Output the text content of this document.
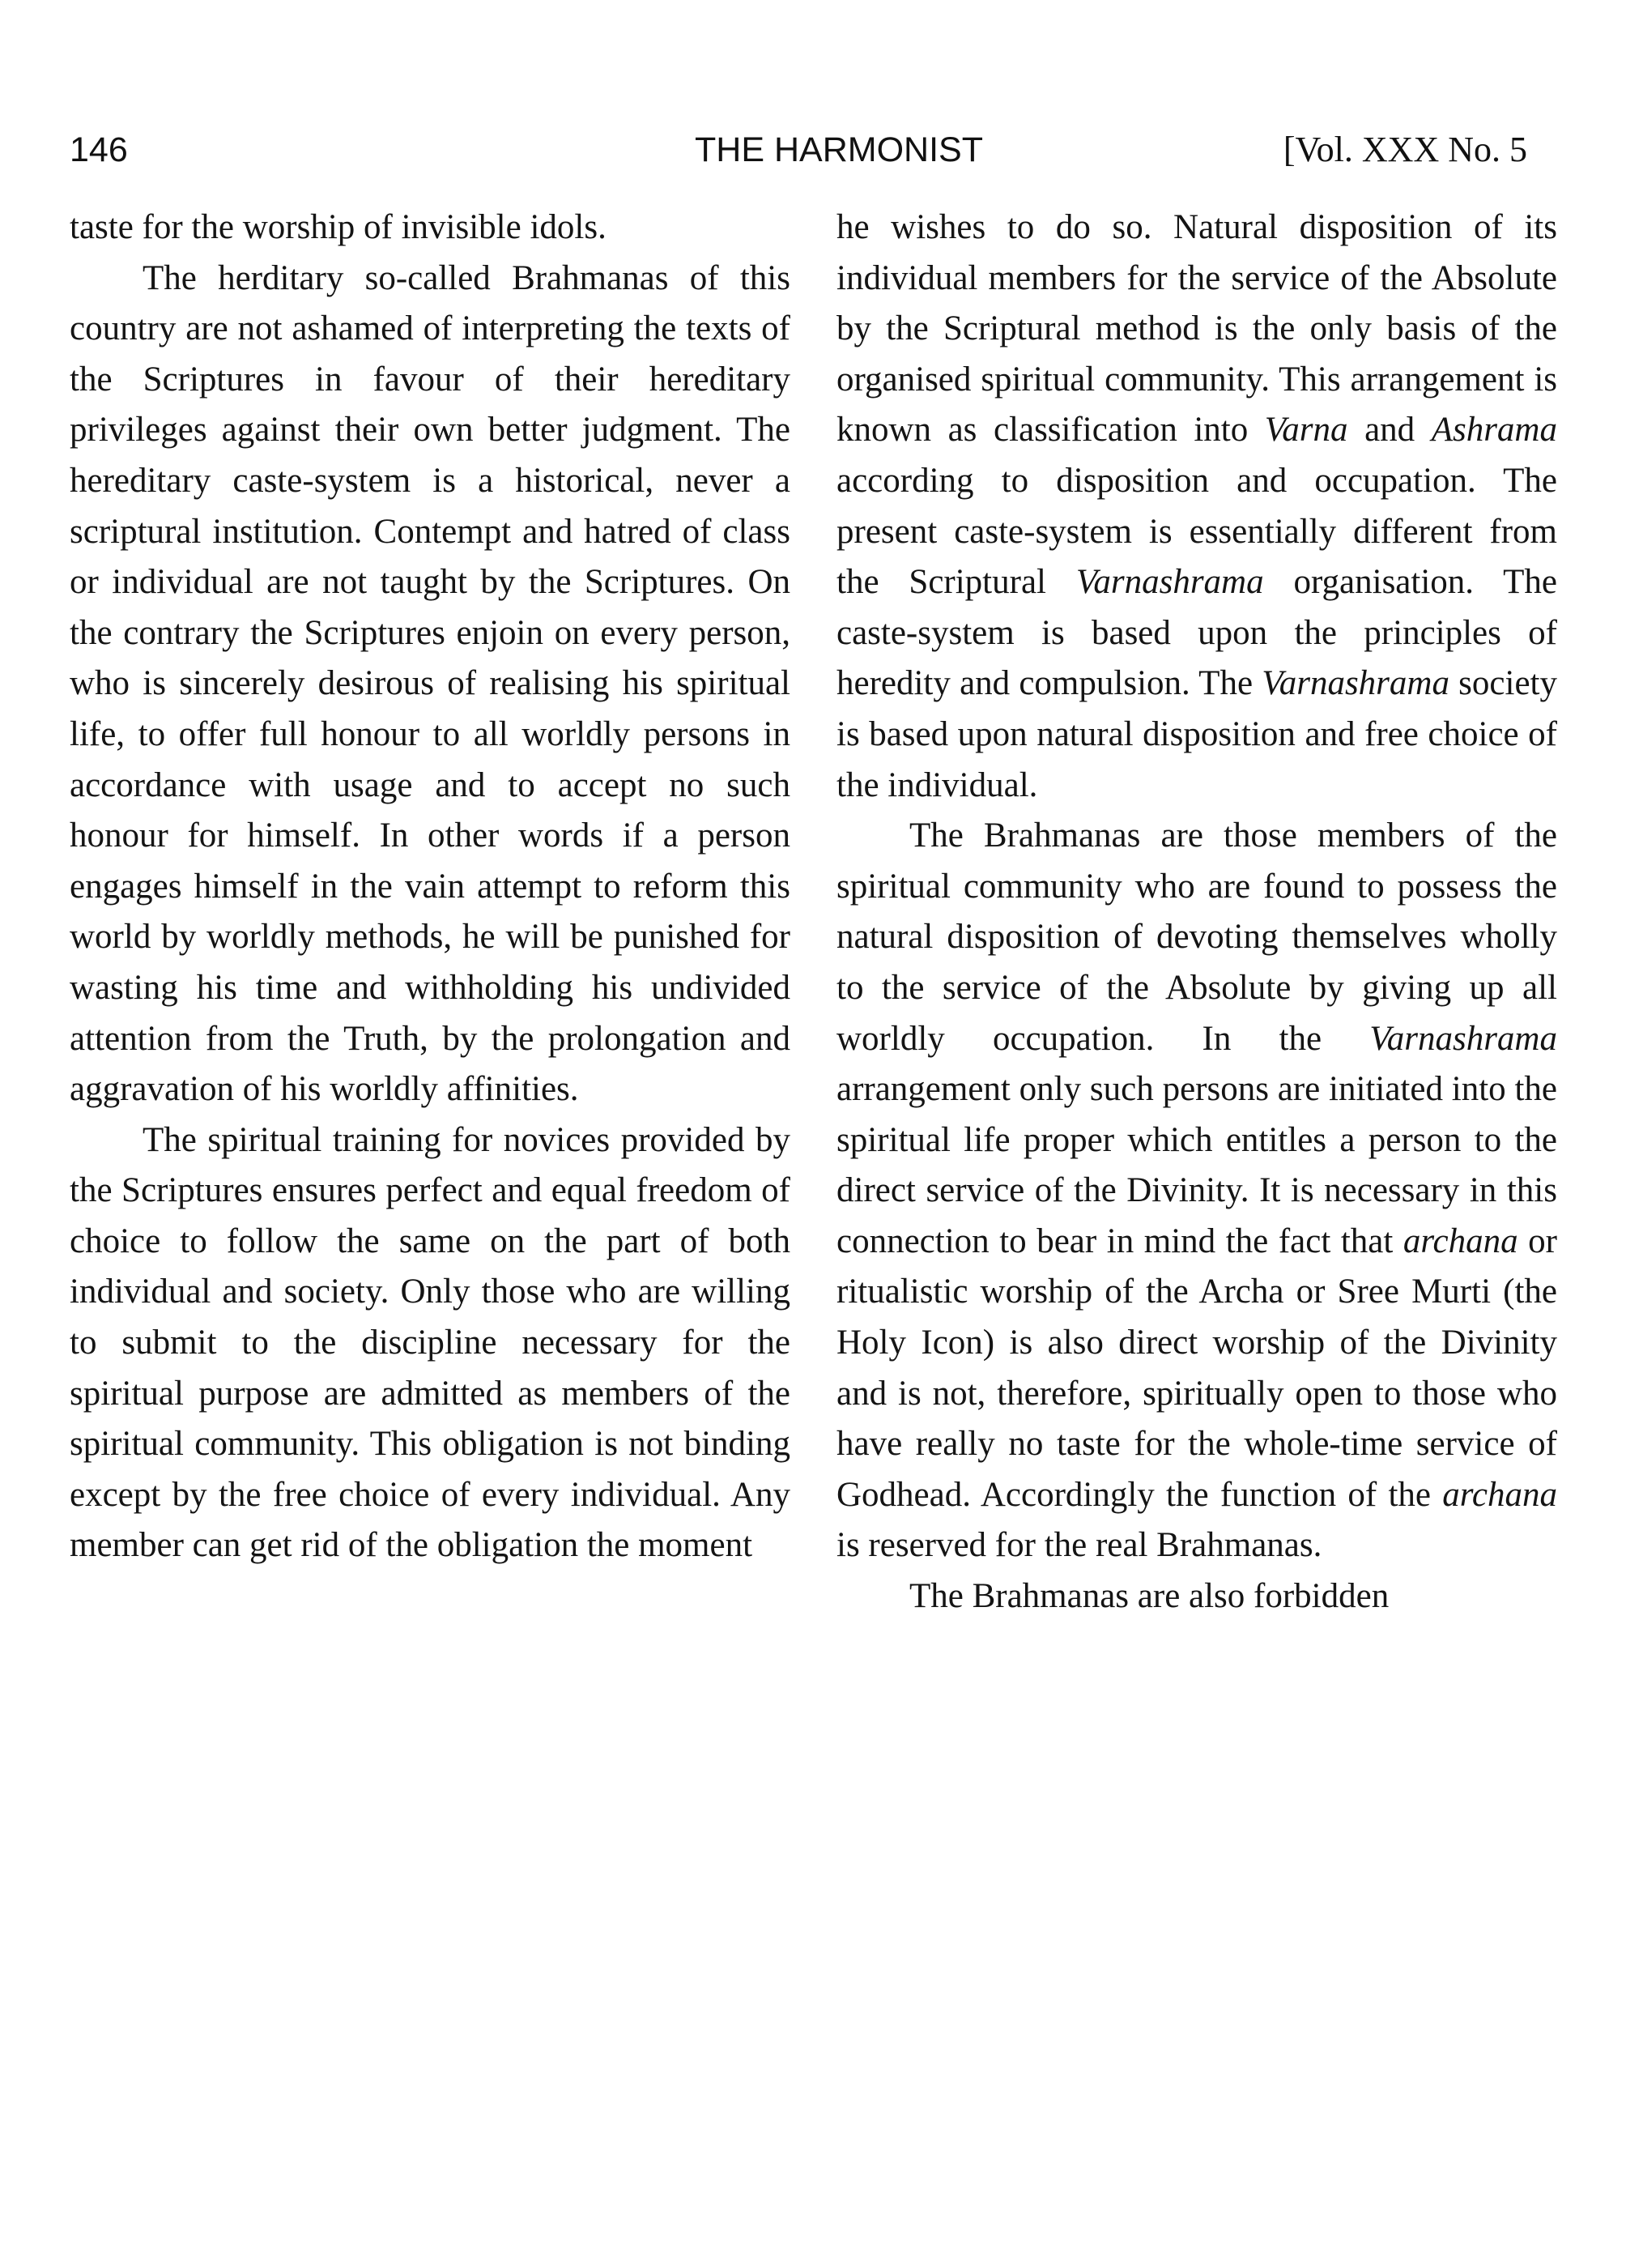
146	THE HARMONIST	[Vol. XXX No. 5

taste for the worship of invisible idols.

The herditary so-called Brahmanas of this country are not ashamed of interpreting the texts of the Scriptures in favour of their hereditary privileges against their own better judgment. The hereditary caste-system is a historical, never a scriptural institution. Contempt and hatred of class or individual are not taught by the Scriptures. On the contrary the Scriptures enjoin on every person, who is sincerely desirous of realising his spiritual life, to offer full honour to all worldly persons in accordance with usage and to accept no such honour for himself. In other words if a person engages himself in the vain attempt to reform this world by worldly methods, he will be punished for wasting his time and withholding his undivided attention from the Truth, by the prolongation and aggravation of his worldly affinities.

The spiritual training for novices provided by the Scriptures ensures perfect and equal freedom of choice to follow the same on the part of both individual and society. Only those who are willing to submit to the discipline necessary for the spiritual purpose are admitted as members of the spiritual community. This obligation is not binding except by the free choice of every individual. Any member can get rid of the obligation the moment

he wishes to do so. Natural disposition of its individual members for the service of the Absolute by the Scriptural method is the only basis of the organised spiritual community. This arrangement is known as classification into Varna and Ashrama according to disposition and occupation. The present caste-system is essentially different from the Scriptural Varnashrama organisation. The caste-system is based upon the principles of heredity and compulsion. The Varnashrama society is based upon natural disposition and free choice of the individual.

The Brahmanas are those members of the spiritual community who are found to possess the natural disposition of devoting themselves wholly to the service of the Absolute by giving up all worldly occupation. In the Varnashrama arrangement only such persons are initiated into the spiritual life proper which entitles a person to the direct service of the Divinity. It is necessary in this connection to bear in mind the fact that archana or ritualistic worship of the Archa or Sree Murti (the Holy Icon) is also direct worship of the Divinity and is not, therefore, spiritually open to those who have really no taste for the whole-time service of Godhead. Accordingly the function of the archana is reserved for the real Brahmanas.

The Brahmanas are also forbidden
